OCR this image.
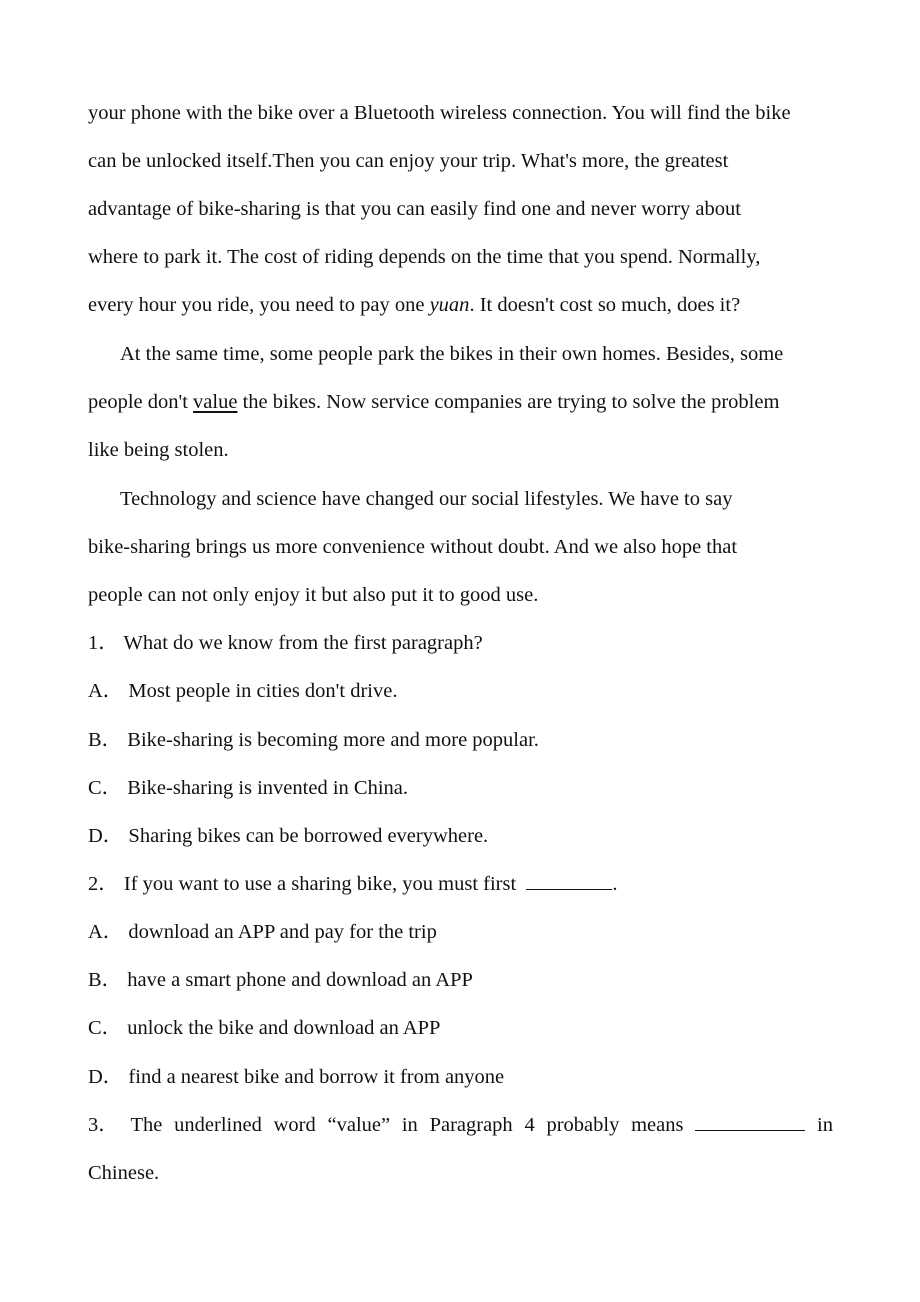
your phone with the bike over a Bluetooth wireless connection. You will find the bike
can be unlocked itself.Then you can enjoy your trip. What's more, the greatest
advantage of bike-sharing is that you can easily find one and never worry about
where to park it. The cost of riding depends on the time that you spend. Normally,
every hour you ride, you need to pay one yuan. It doesn't cost so much, does it?
At the same time, some people park the bikes in their own homes. Besides, some
people don't value the bikes. Now service companies are trying to solve the problem
like being stolen.
Technology and science have changed our social lifestyles. We have to say
bike-sharing brings us more convenience without doubt. And we also hope that
people can not only enjoy it but also put it to good use.
1． What do we know from the first paragraph?
A． Most people in cities don't drive.
B． Bike-sharing is becoming more and more popular.
C． Bike-sharing is invented in China.
D． Sharing bikes can be borrowed everywhere.
2． If you want to use a sharing bike, you must first	.
A． download an APP and pay for the trip
B． have a smart phone and download an APP
C． unlock the bike and download an APP
D． find a nearest bike and borrow it from anyone
3． The underlined word “value” in Paragraph 4 probably means	in
Chinese.
